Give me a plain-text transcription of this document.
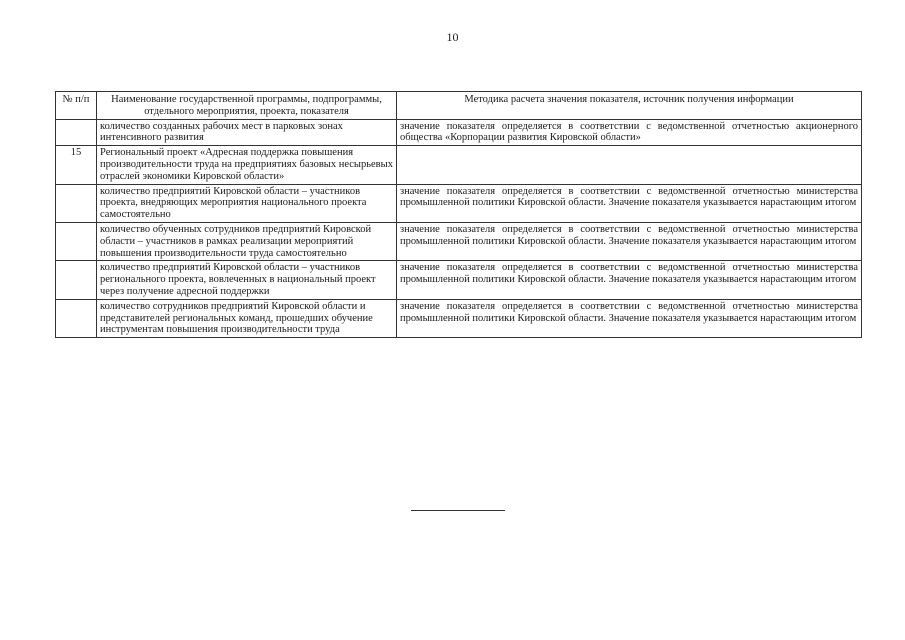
10
№ п/п	Наименование государственной программы, подпрограммы, отдельного мероприятия, проекта, показателя	Методика расчета значения показателя, источник получения информации
	количество созданных рабочих мест в парковых зонах интенсивного развития	значение показателя определяется в соответствии с ведомственной отчетностью акционерного общества «Корпорации развития Кировской области»
15	Региональный проект «Адресная поддержка повышения производительности труда на предприятиях базовых несырьевых отраслей экономики Кировской области»	
	количество предприятий Кировской области – участников проекта, внедряющих мероприятия национального проекта самостоятельно	значение показателя определяется в соответствии с ведомственной отчетностью министерства промышленной политики Кировской области. Значение показателя указывается нарастающим итогом
	количество обученных сотрудников предприятий Кировской области – участников в рамках реализации мероприятий повышения производительности труда самостоятельно	значение показателя определяется в соответствии с ведомственной отчетностью министерства промышленной политики Кировской области. Значение показателя указывается нарастающим итогом
	количество предприятий Кировской области – участников регионального проекта, вовлеченных в национальный проект через получение адресной поддержки	значение показателя определяется в соответствии с ведомственной отчетностью министерства промышленной политики Кировской области. Значение показателя указывается нарастающим итогом
	количество сотрудников предприятий Кировской области и представителей региональных команд, прошедших обучение инструментам повышения производительности труда	значение показателя определяется в соответствии с ведомственной отчетностью министерства промышленной политики Кировской области. Значение показателя указывается нарастающим итогом
